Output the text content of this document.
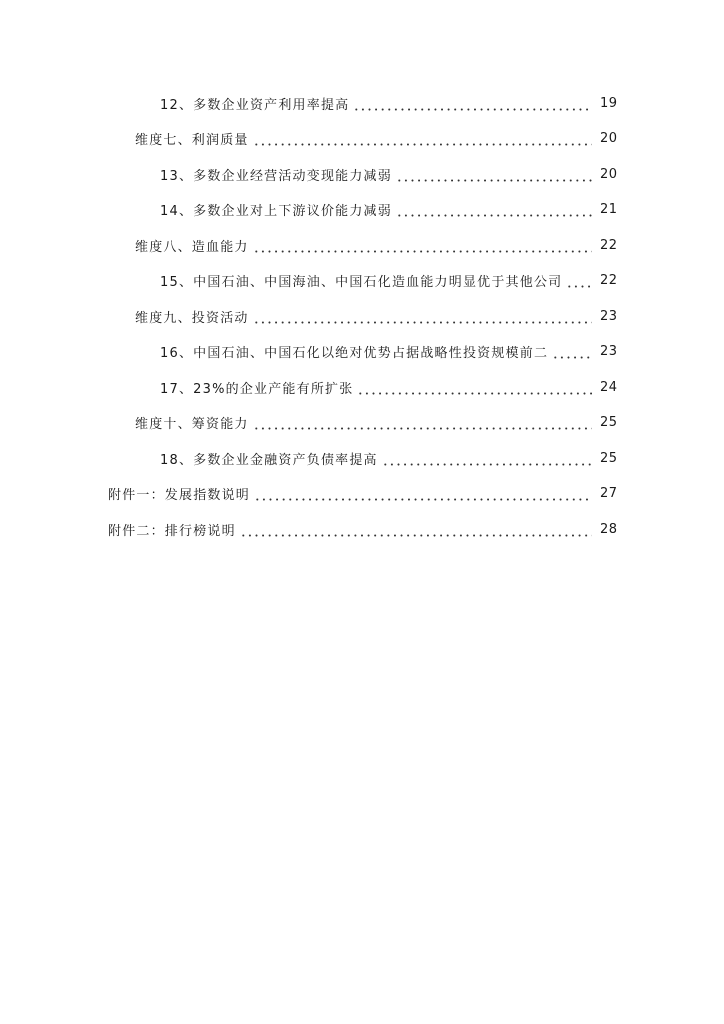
12、多数企业资产利用率提高	19
维度七、利润质量	20
13、多数企业经营活动变现能力减弱	20
14、多数企业对上下游议价能力减弱	21
维度八、造血能力	22
15、中国石油、中国海油、中国石化造血能力明显优于其他公司	22
维度九、投资活动	23
16、中国石油、中国石化以绝对优势占据战略性投资规模前二	23
17、23%的企业产能有所扩张	24
维度十、筹资能力	25
18、多数企业金融资产负债率提高	25
附件一：发展指数说明	27
附件二：排行榜说明	28
